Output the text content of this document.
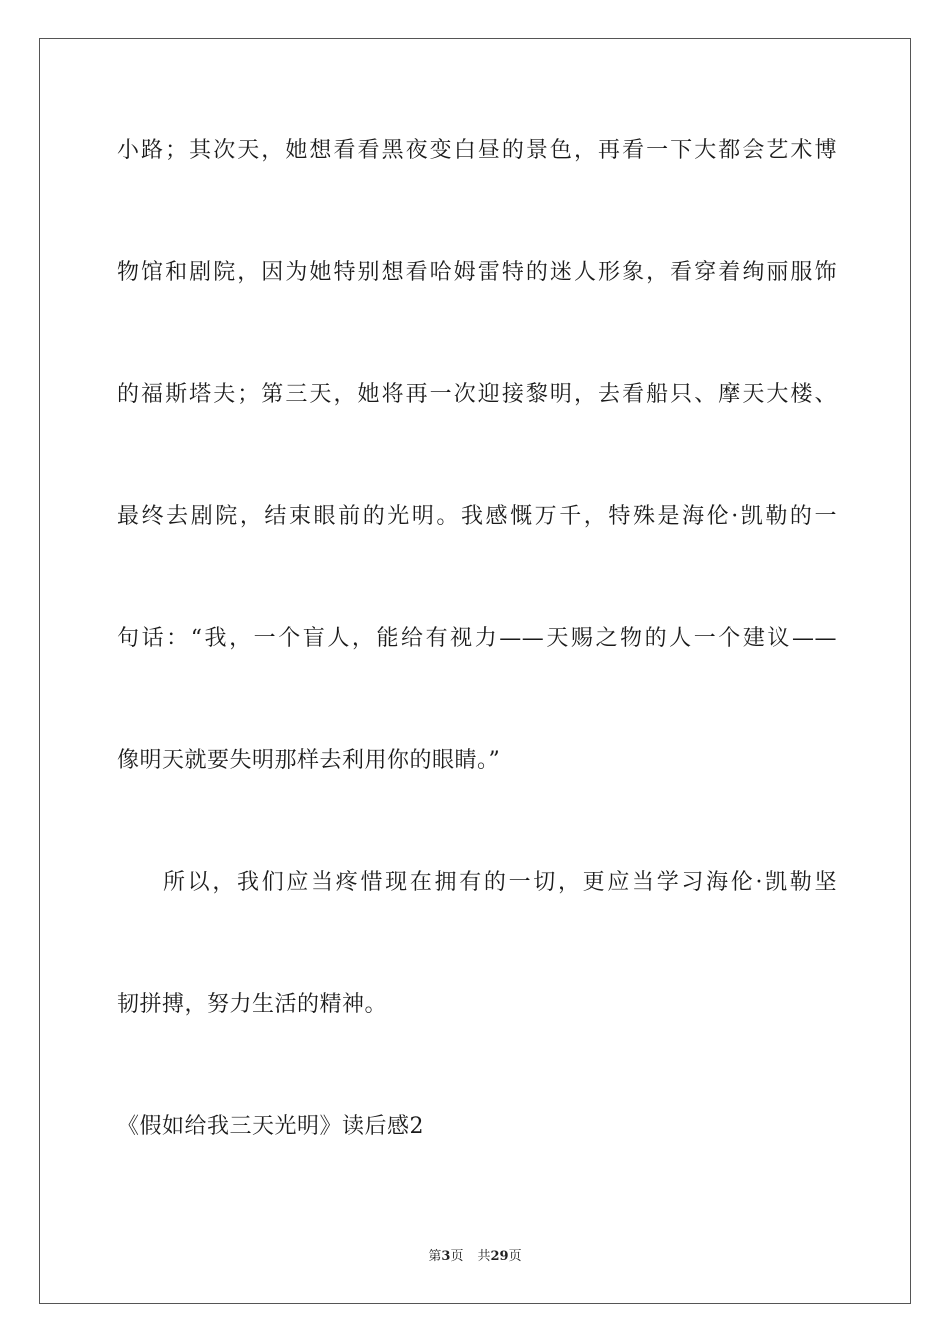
小路；其次天，她想看看黑夜变白昼的景色，再看一下大都会艺术博
物馆和剧院，因为她特别想看哈姆雷特的迷人形象，看穿着绚丽服饰
的福斯塔夫；第三天，她将再一次迎接黎明，去看船只、摩天大楼、
最终去剧院，结束眼前的光明。我感慨万千，特殊是海伦·凯勒的一
句话：“我，一个盲人，能给有视力——天赐之物的人一个建议——
像明天就要失明那样去利用你的眼睛。”
所以，我们应当疼惜现在拥有的一切，更应当学习海伦·凯勒坚
韧拼搏，努力生活的精神。
《假如给我三天光明》读后感2
第3页 共29页
